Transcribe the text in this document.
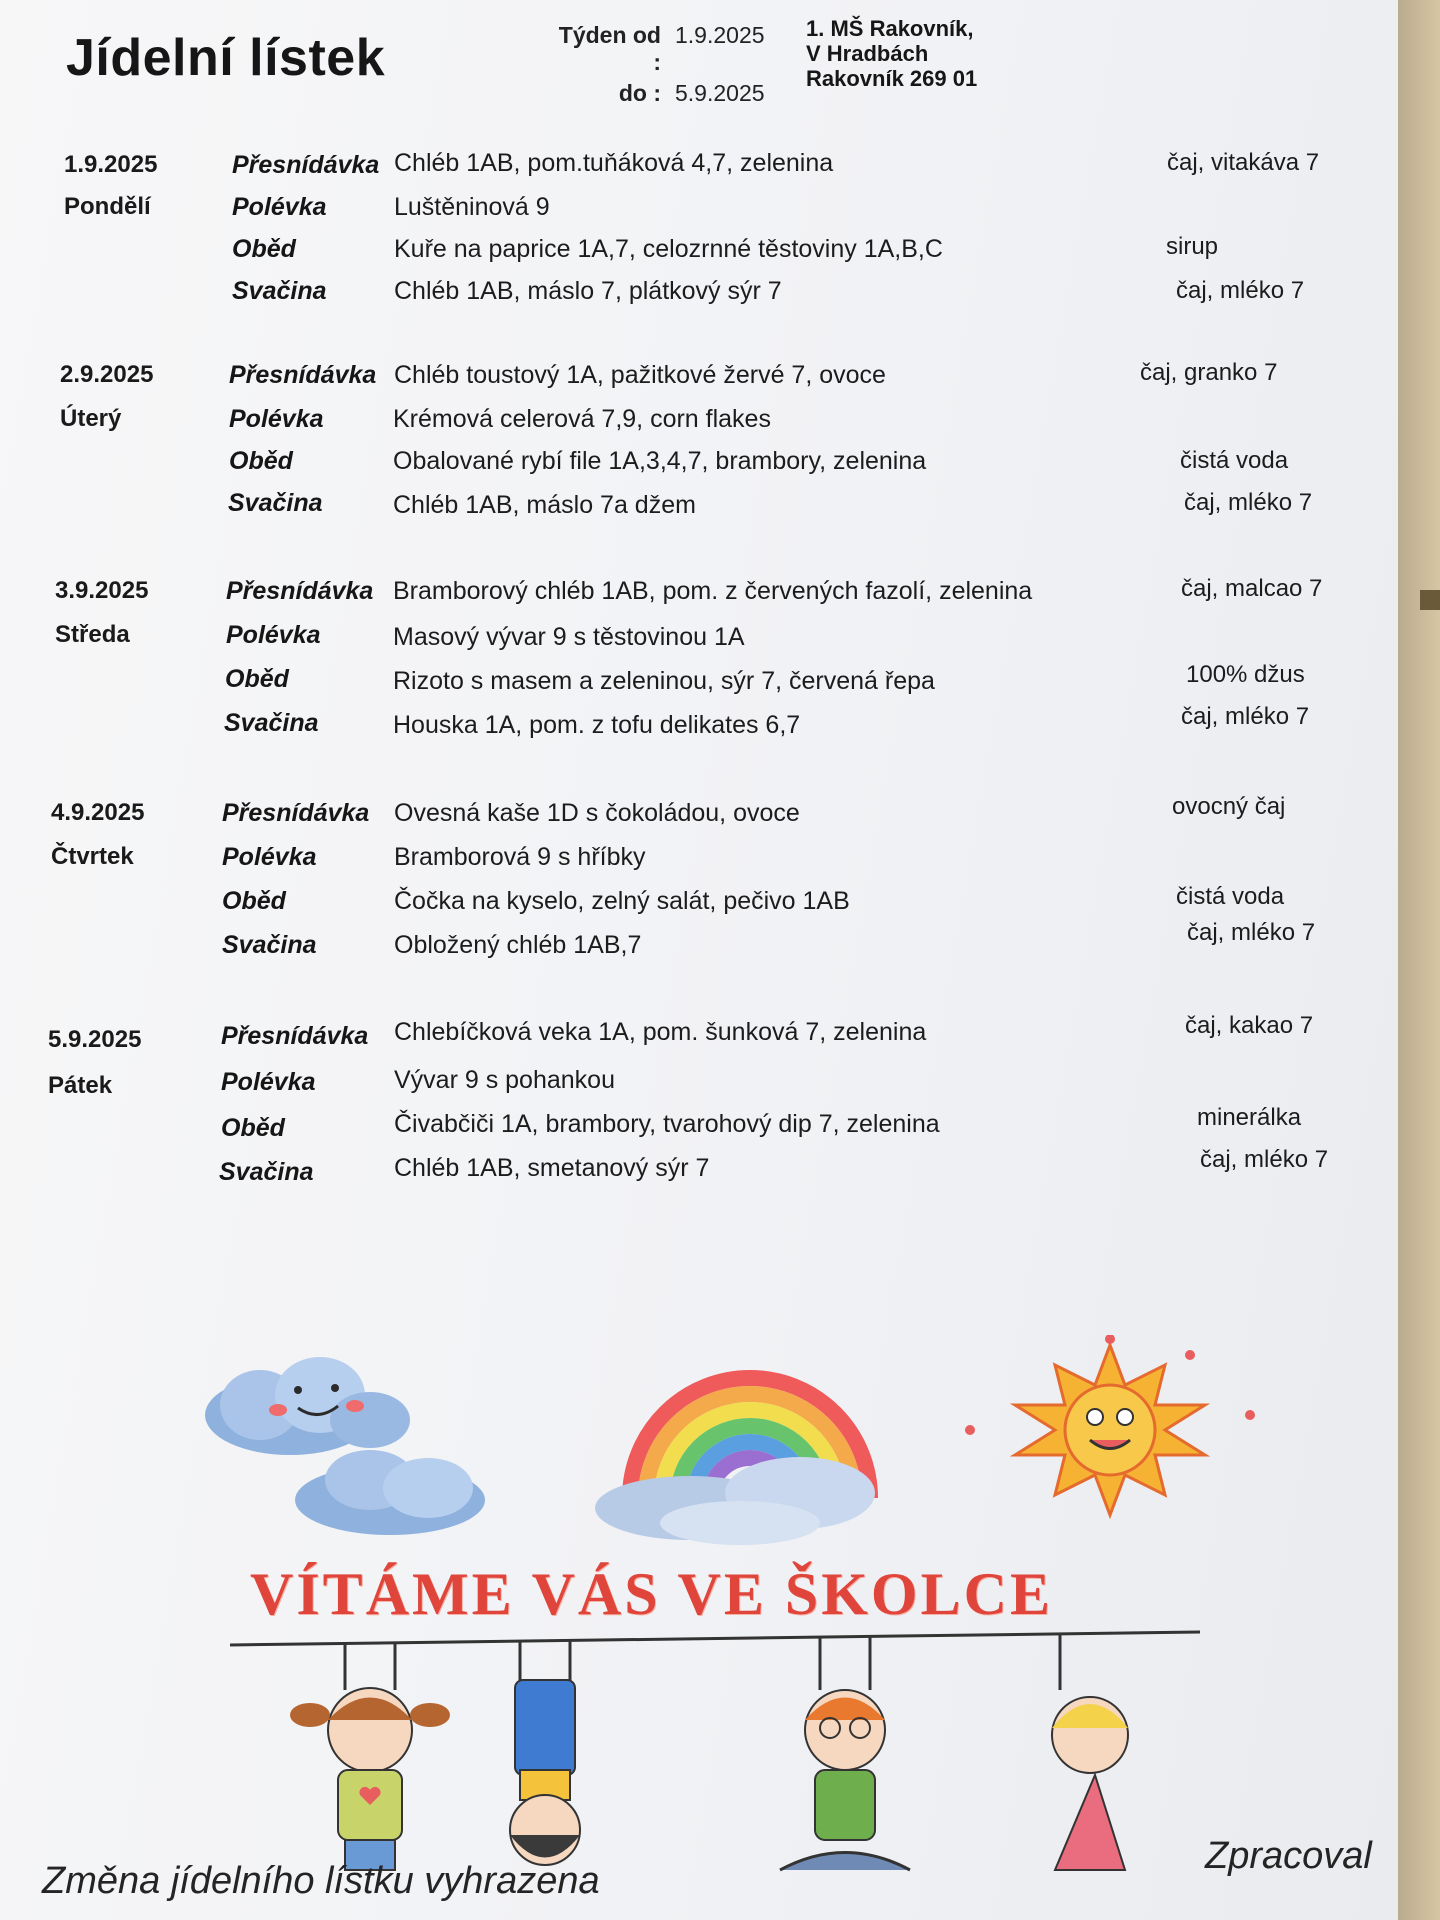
Jídelní lístek	Týden od :
1.9.2025
do : 5.9.2025
1. MŠ Rakovník,
V Hradbách
Rakovník 269 01
1.9.2025
Pondělí
Přesnídávka Chléb 1AB, pom.tuňáková 4,7, zelenina	čaj, vitakáva 7
Polévka	Luštěninová 9
Oběd	Kuře na paprice 1A,7, celozrnné těstoviny 1A,B,C	sirup
Svačina	Chléb 1AB, máslo 7, plátkový sýr 7	čaj, mléko 7
2.9.2025
Úterý
Přesnídávka Chléb toustový 1A, pažitkové žervé 7, ovoce	čaj, granko 7
Polévka	Krémová celerová 7,9, corn flakes
Oběd	Obalované rybí file 1A,3,4,7, brambory, zelenina	čistá voda
Svačina	Chléb 1AB, máslo 7a džem	čaj, mléko 7
3.9.2025
Středa
Přesnídávka Bramborový chléb 1AB, pom. z červených fazolí, zelenina	čaj, malcao 7
Polévka	Masový vývar 9 s těstovinou 1A
Oběd	Rizoto s masem a zeleninou, sýr 7, červená řepa	100% džus
Svačina	Houska 1A, pom. z tofu delikates 6,7	čaj, mléko 7
4.9.2025
Čtvrtek
Přesnídávka Ovesná kaše 1D s čokoládou, ovoce	ovocný čaj
Polévka	Bramborová 9 s hříbky
Oběd	Čočka na kyselo, zelný salát, pečivo 1AB	čistá voda
Svačina	Obložený chléb 1AB,7	čaj, mléko 7
5.9.2025
Pátek
Přesnídávka Chlebíčková veka 1A, pom. šunková 7, zelenina	čaj, kakao 7
Polévka	Vývar 9 s pohankou
Oběd	Čivabčiči 1A, brambory, tvarohový dip 7, zelenina	minerálka
Svačina	Chléb 1AB, smetanový sýr 7	čaj, mléko 7
VÍTÁME VÁS VE ŠKOLCE
Změna jídelního lístku vyhrazena
Zpracoval
